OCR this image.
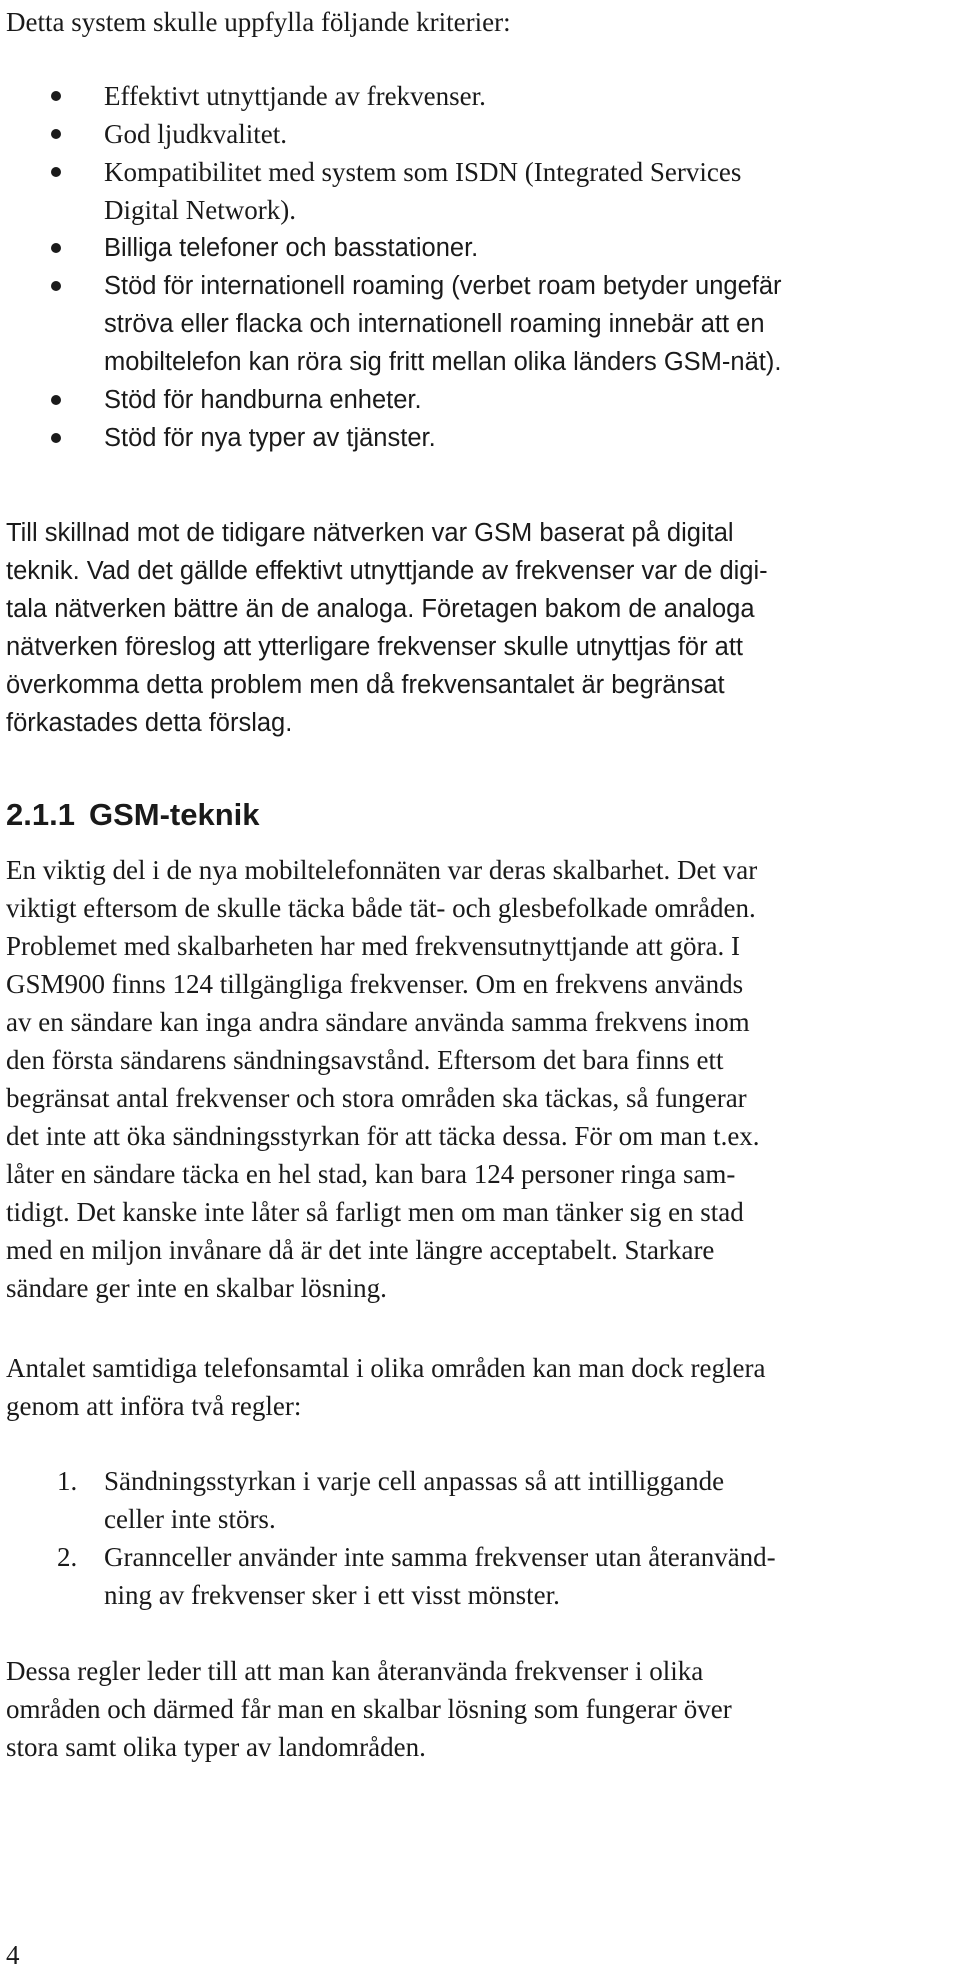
Detta system skulle uppfylla följande kriterier:

Effektivt utnyttjande av frekvenser.
God ljudkvalitet.
Kompatibilitet med system som ISDN (Integrated Services
Digital Network).
Billiga telefoner och basstationer.
Stöd för internationell roaming (verbet roam betyder ungefär
ströva eller flacka och internationell roaming innebär att en
mobiltelefon kan röra sig fritt mellan olika länders GSM-nät).
Stöd för handburna enheter.
Stöd för nya typer av tjänster.

Till skillnad mot de tidigare nätverken var GSM baserat på digital
teknik. Vad det gällde effektivt utnyttjande av frekvenser var de digi-
tala nätverken bättre än de analoga. Företagen bakom de analoga
nätverken föreslog att ytterligare frekvenser skulle utnyttjas för att
överkomma detta problem men då frekvensantalet är begränsat
förkastades detta förslag.

2.1.1 GSM-teknik

En viktig del i de nya mobiltelefonnäten var deras skalbarhet. Det var
viktigt eftersom de skulle täcka både tät- och glesbefolkade områden.
Problemet med skalbarheten har med frekvensutnyttjande att göra. I
GSM900 finns 124 tillgängliga frekvenser. Om en frekvens används
av en sändare kan inga andra sändare använda samma frekvens inom
den första sändarens sändningsavstånd. Eftersom det bara finns ett
begränsat antal frekvenser och stora områden ska täckas, så fungerar
det inte att öka sändningsstyrkan för att täcka dessa. För om man t.ex.
låter en sändare täcka en hel stad, kan bara 124 personer ringa sam-
tidigt. Det kanske inte låter så farligt men om man tänker sig en stad
med en miljon invånare då är det inte längre acceptabelt. Starkare
sändare ger inte en skalbar lösning.

Antalet samtidiga telefonsamtal i olika områden kan man dock reglera
genom att införa två regler:

1. Sändningsstyrkan i varje cell anpassas så att intilliggande
celler inte störs.
2. Grannceller använder inte samma frekvenser utan återanvänd-
ning av frekvenser sker i ett visst mönster.

Dessa regler leder till att man kan återanvända frekvenser i olika
områden och därmed får man en skalbar lösning som fungerar över
stora samt olika typer av landområden.

4
